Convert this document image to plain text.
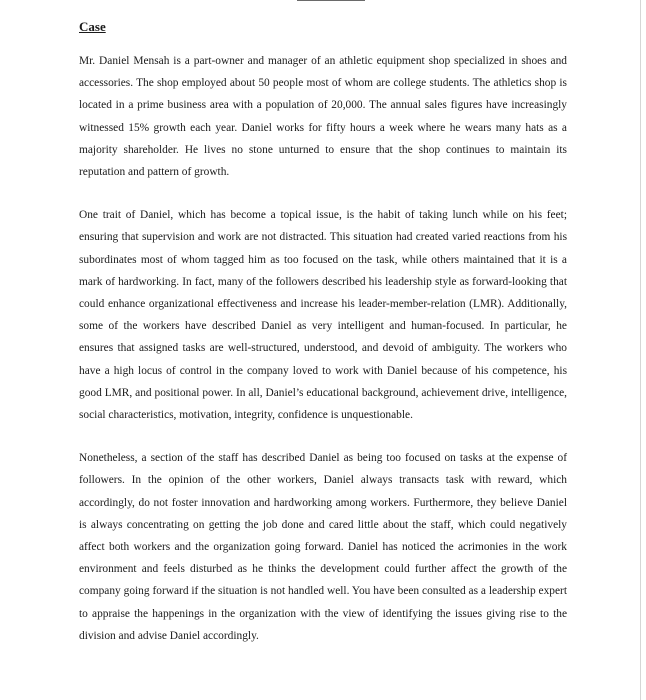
Case

Mr. Daniel Mensah is a part-owner and manager of an athletic equipment shop specialized in shoes and accessories. The shop employed about 50 people most of whom are college students. The athletics shop is located in a prime business area with a population of 20,000. The annual sales figures have increasingly witnessed 15% growth each year. Daniel works for fifty hours a week where he wears many hats as a majority shareholder. He lives no stone unturned to ensure that the shop continues to maintain its reputation and pattern of growth.

One trait of Daniel, which has become a topical issue, is the habit of taking lunch while on his feet; ensuring that supervision and work are not distracted. This situation had created varied reactions from his subordinates most of whom tagged him as too focused on the task, while others maintained that it is a mark of hardworking. In fact, many of the followers described his leadership style as forward-looking that could enhance organizational effectiveness and increase his leader-member-relation (LMR). Additionally, some of the workers have described Daniel as very intelligent and human-focused. In particular, he ensures that assigned tasks are well-structured, understood, and devoid of ambiguity. The workers who have a high locus of control in the company loved to work with Daniel because of his competence, his good LMR, and positional power. In all, Daniel’s educational background, achievement drive, intelligence, social characteristics, motivation, integrity, confidence is unquestionable.

Nonetheless, a section of the staff has described Daniel as being too focused on tasks at the expense of followers. In the opinion of the other workers, Daniel always transacts task with reward, which accordingly, do not foster innovation and hardworking among workers. Furthermore, they believe Daniel is always concentrating on getting the job done and cared little about the staff, which could negatively affect both workers and the organization going forward. Daniel has noticed the acrimonies in the work environment and feels disturbed as he thinks the development could further affect the growth of the company going forward if the situation is not handled well. You have been consulted as a leadership expert to appraise the happenings in the organization with the view of identifying the issues giving rise to the division and advise Daniel accordingly.
